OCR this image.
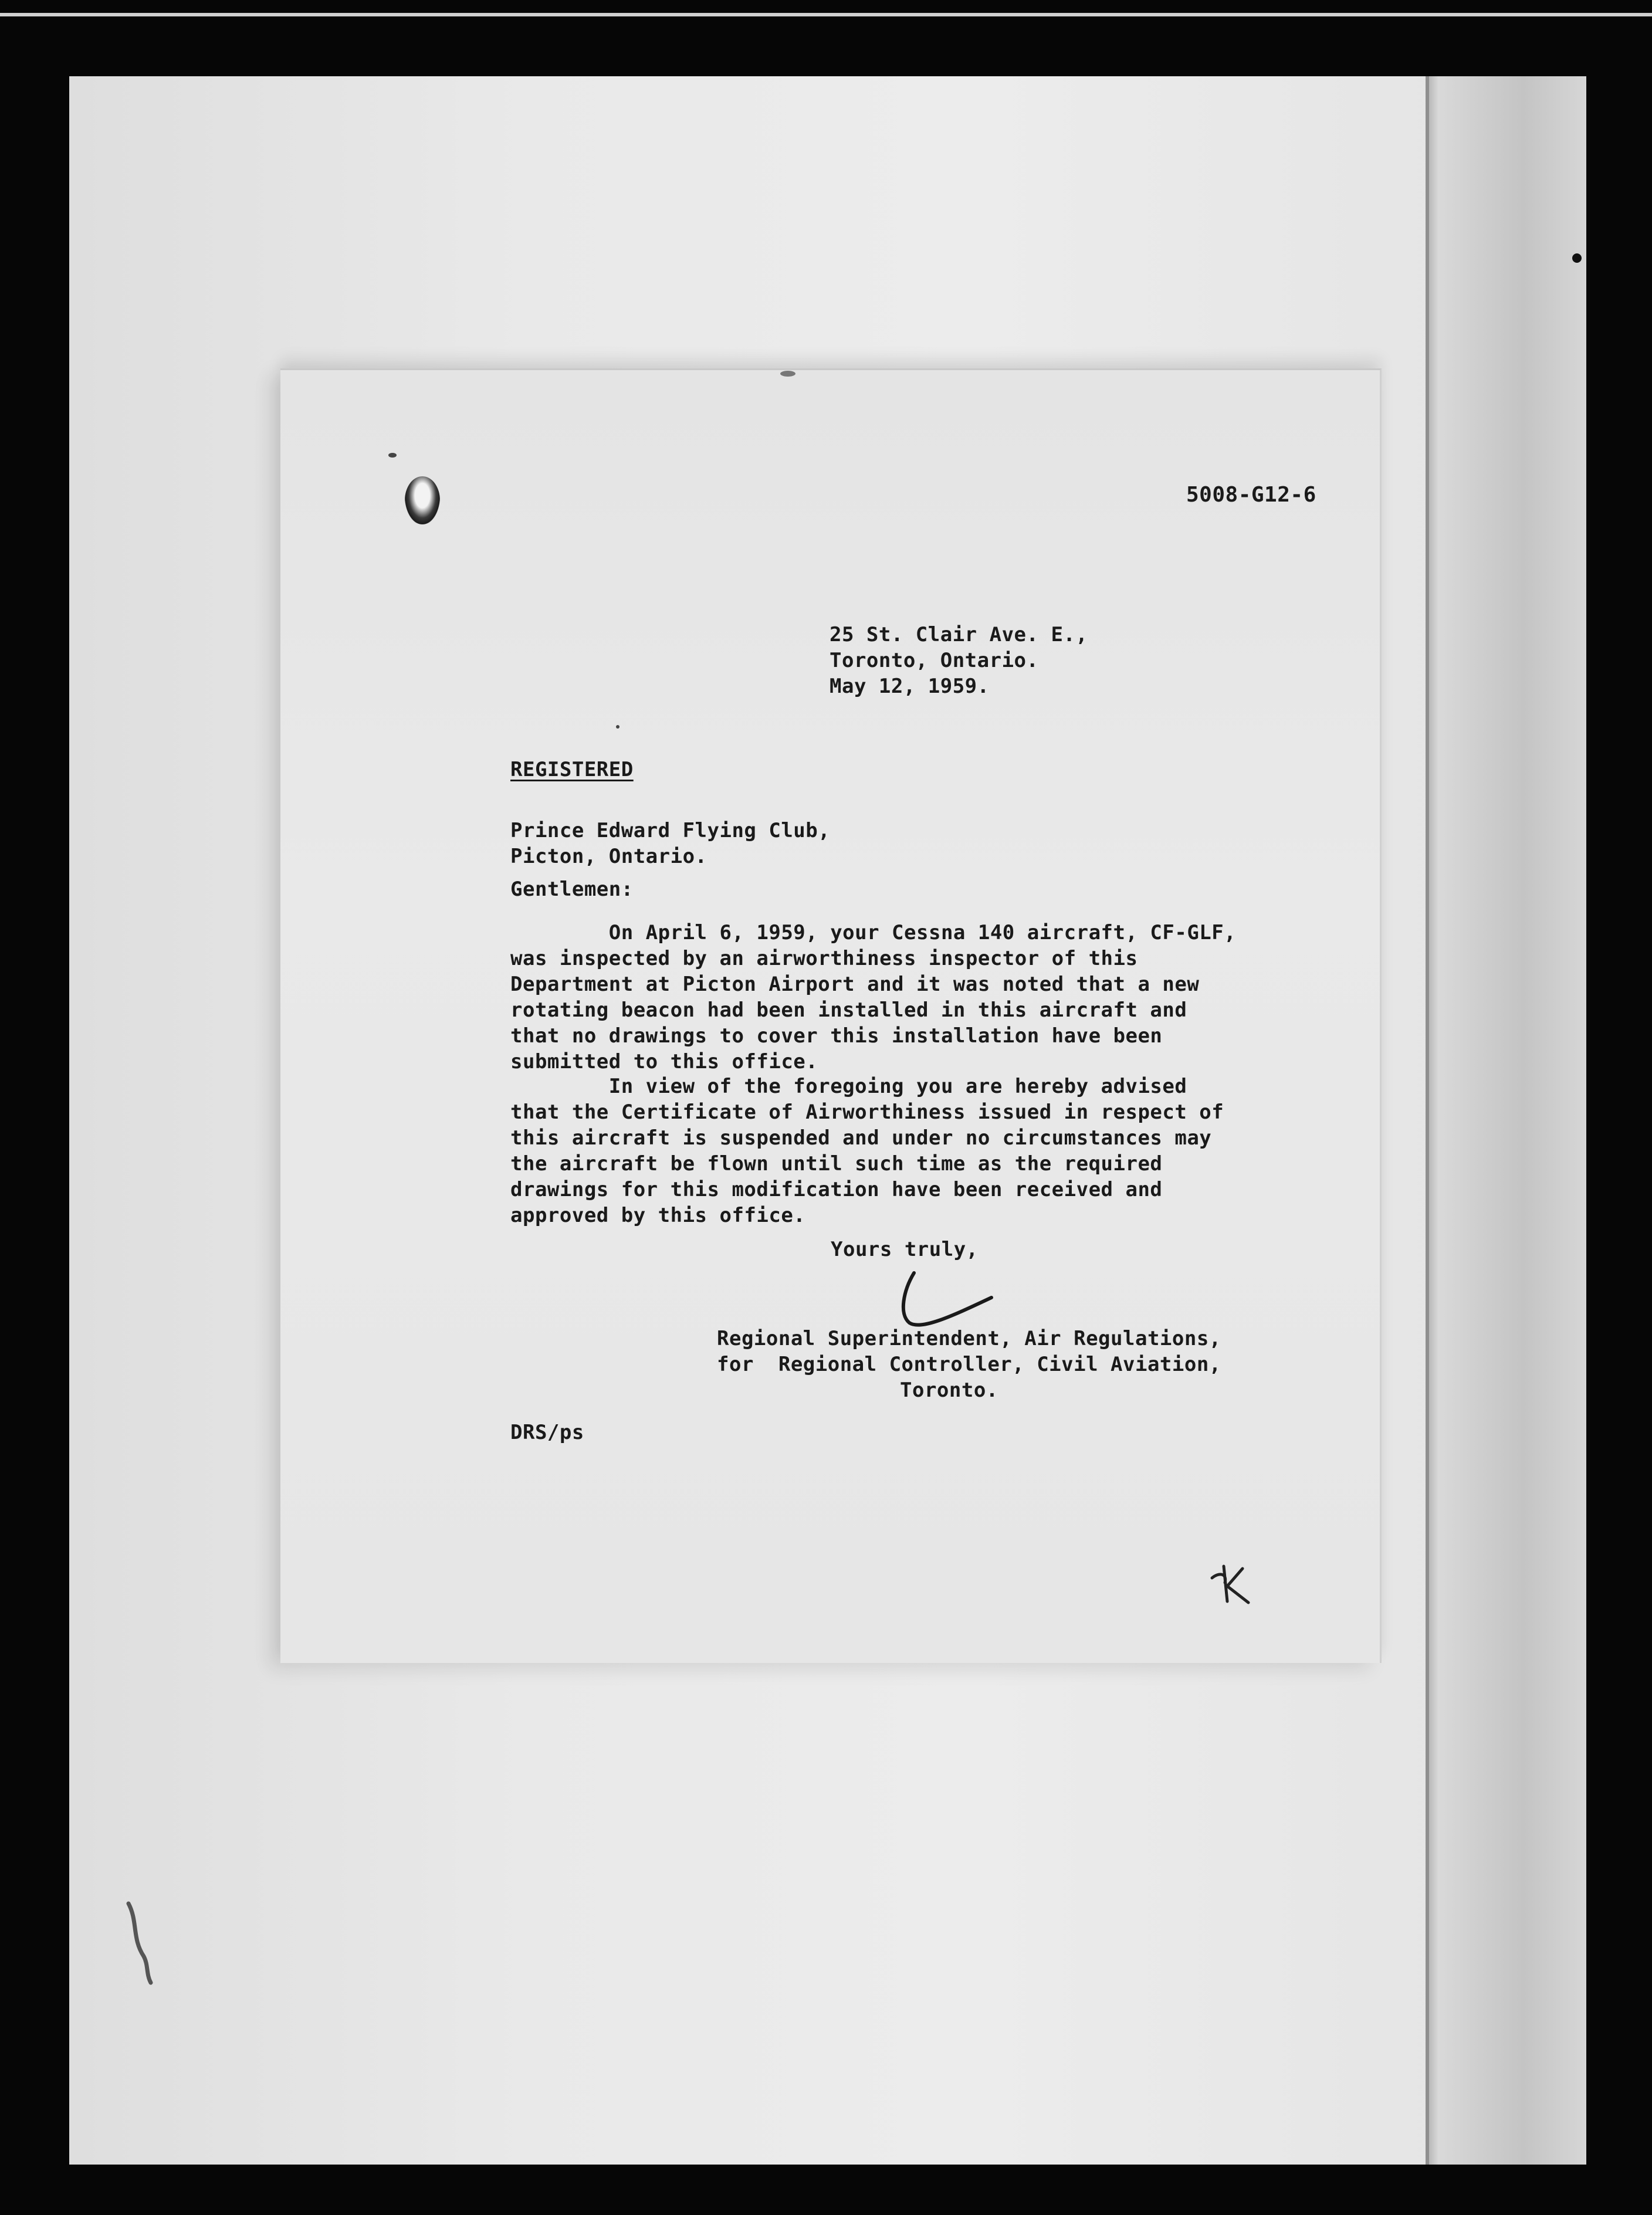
5008-G12-6
25 St. Clair Ave. E.,
Toronto, Ontario.
May 12, 1959.
REGISTERED
Prince Edward Flying Club,
Picton, Ontario.
Gentlemen:
On April 6, 1959, your Cessna 140 aircraft, CF-GLF,
was inspected by an airworthiness inspector of this
Department at Picton Airport and it was noted that a new
rotating beacon had been installed in this aircraft and
that no drawings to cover this installation have been
submitted to this office.
In view of the foregoing you are hereby advised
that the Certificate of Airworthiness issued in respect of
this aircraft is suspended and under no circumstances may
the aircraft be flown until such time as the required
drawings for this modification have been received and
approved by this office.
Yours truly,
Regional Superintendent, Air Regulations,
for  Regional Controller, Civil Aviation,
Toronto.
DRS/ps
